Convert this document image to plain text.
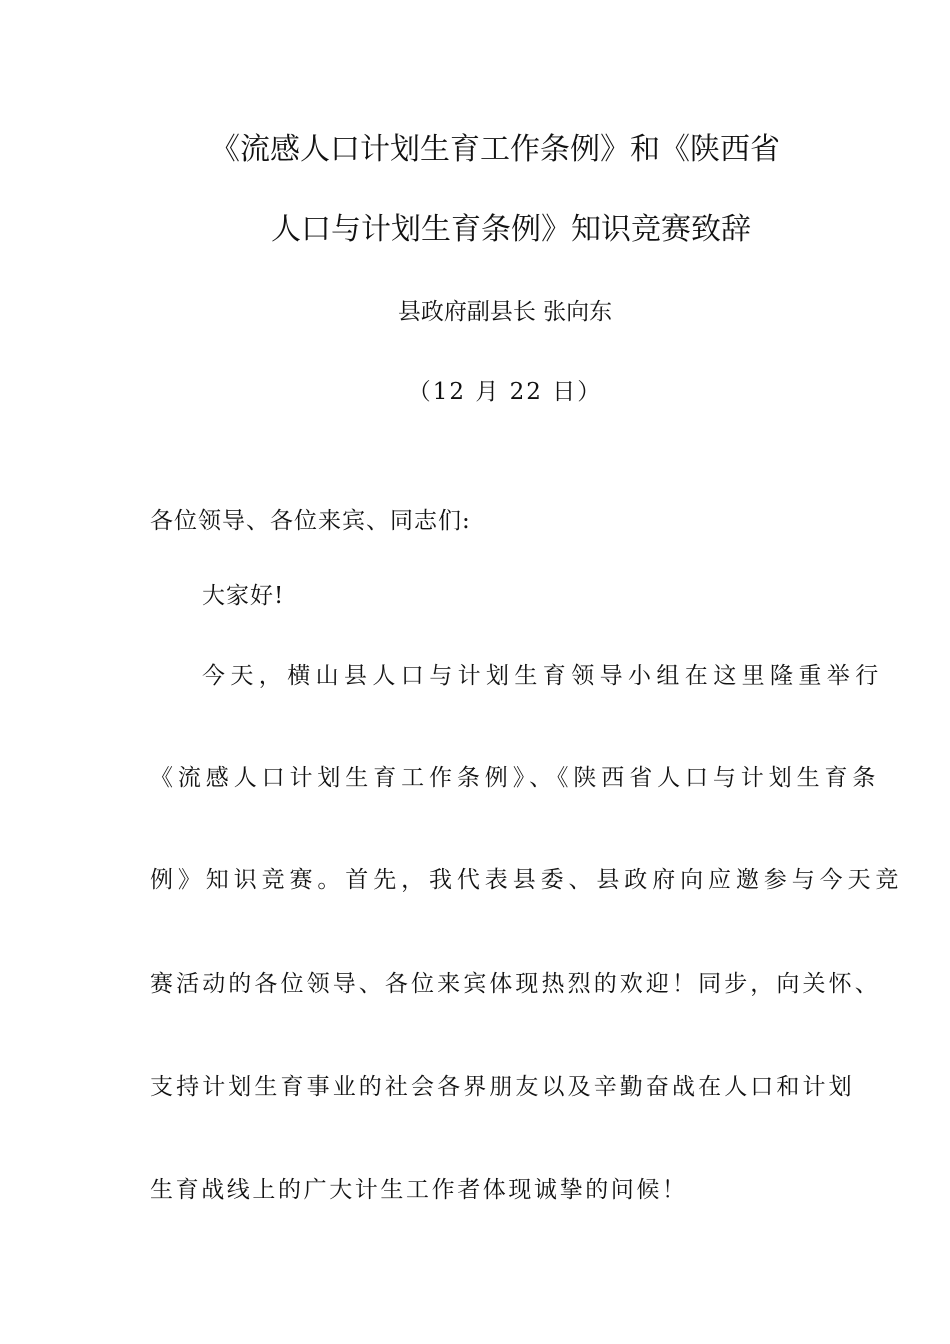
《流感人口计划生育工作条例》和《陕西省
人口与计划生育条例》知识竞赛致辞
县政府副县长 张向东
（12 月 22 日）
各位领导、各位来宾、同志们:
大家好!
今天，横山县人口与计划生育领导小组在这里隆重举行
《流感人口计划生育工作条例》、《陕西省人口与计划生育条
例》知识竞赛。首先，我代表县委、县政府向应邀参与今天竞
赛活动的各位领导、各位来宾体现热烈的欢迎！同步，向关怀、
支持计划生育事业的社会各界朋友以及辛勤奋战在人口和计划
生育战线上的广大计生工作者体现诚挚的问候！
